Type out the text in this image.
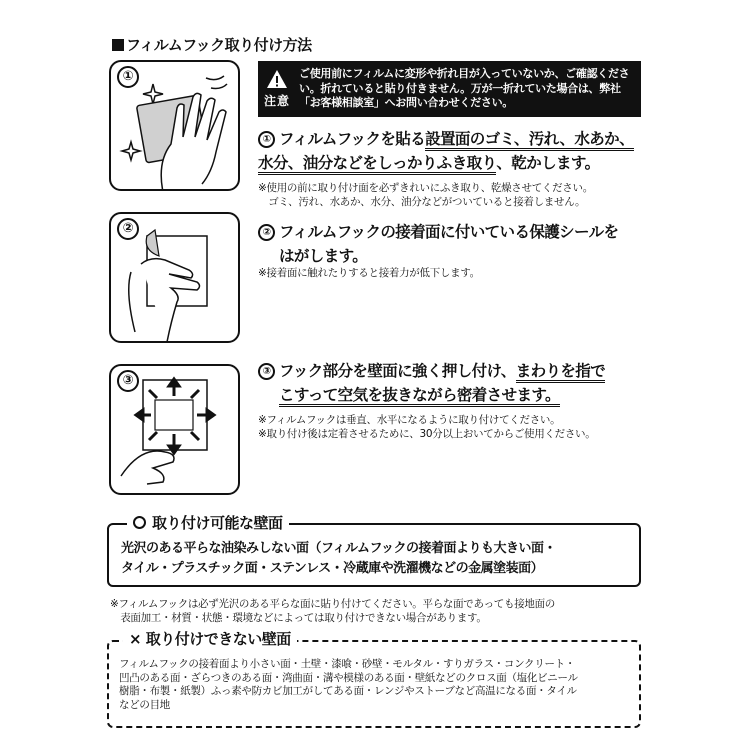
フィルムフック取り付け方法
①
注意
ご使用前にフィルムに変形や折れ目が入っていないか、ご確認ください。折れていると貼り付きません。万が一折れていた場合は、弊社「お客様相談室」へお問い合わせください。
① フィルムフックを貼る設置面のゴミ、汚れ、水あか、
水分、油分などをしっかりふき取り、乾かします。
※使用の前に取り付け面を必ずきれいにふき取り、乾燥させてください。
　ゴミ、汚れ、水あか、水分、油分などがついていると接着しません。
②	② フィルムフックの接着面に付いている保護シールを
はがします。
※接着面に触れたりすると接着力が低下します。
③
③ フック部分を壁面に強く押し付け、まわりを指で
こすって空気を抜きながら密着させます。
※フィルムフックは垂直、水平になるように取り付けてください。
※取り付け後は定着させるために、30分以上おいてからご使用ください。
取り付け可能な壁面
光沢のある平らな油染みしない面（フィルムフックの接着面よりも大きい面・
タイル・プラスチック面・ステンレス・冷蔵庫や洗濯機などの金属塗装面）
※フィルムフックは必ず光沢のある平らな面に貼り付けてください。平らな面であっても接地面の
　表面加工・材質・状態・環境などによっては取り付けできない場合があります。
× 取り付けできない壁面
フィルムフックの接着面より小さい面・土壁・漆喰・砂壁・モルタル・すりガラス・コンクリート・
凹凸のある面・ざらつきのある面・湾曲面・溝や模様のある面・壁紙などのクロス面（塩化ビニール
樹脂・布製・紙製）ふっ素や防カビ加工がしてある面・レンジやストーブなど高温になる面・タイル
などの目地
